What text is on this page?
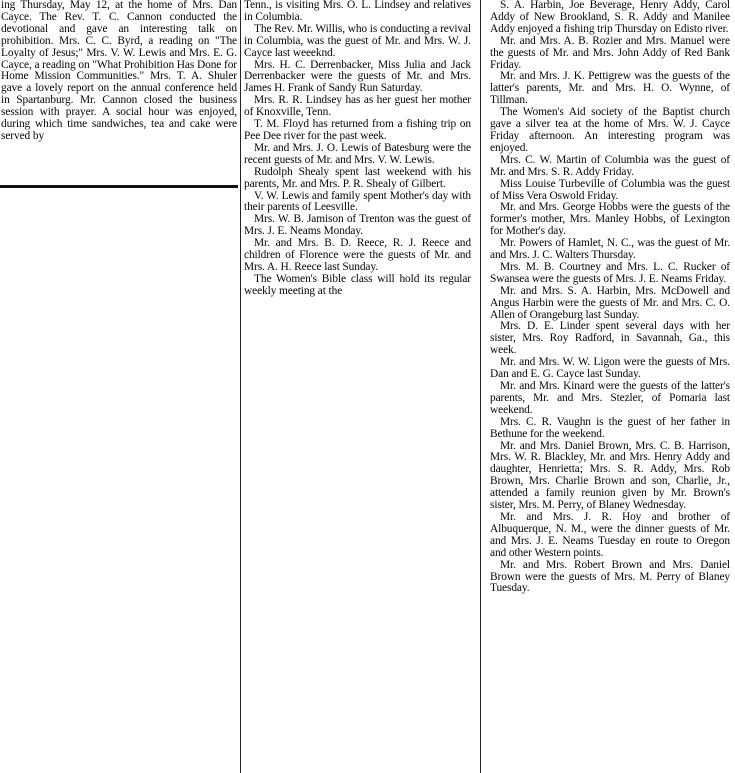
ing Thursday, May 12, at the home of Mrs. Dan Cayce. The Rev. T. C. Cannon conducted the devotional and gave an interesting talk on prohibition. Mrs. C. C. Byrd, a reading on "The Loyalty of Jesus;" Mrs. V. W. Lewis and Mrs. E. G. Cayce, a reading on "What Prohibition Has Done for Home Mission Communities." Mrs. T. A. Shuler gave a lovely report on the annual conference held in Spartanburg. Mr. Cannon closed the business session with prayer. A social hour was enjoyed, during which time sandwiches, tea and cake were served by

Tenn., is visiting Mrs. O. L. Lindsey and relatives in Columbia.

The Rev. Mr. Willis, who is conducting a revival in Columbia, was the guest of Mr. and Mrs. W. J. Cayce last weeeknd.

Mrs. H. C. Derrenbacker, Miss Julia and Jack Derrenbacker were the guests of Mr. and Mrs. James H. Frank of Sandy Run Saturday.

Mrs. R. R. Lindsey has as her guest her mother of Knoxville, Tenn.

T. M. Floyd has returned from a fishing trip on Pee Dee river for the past week.

Mr. and Mrs. J. O. Lewis of Batesburg were the recent guests of Mr. and Mrs. V. W. Lewis.

Rudolph Shealy spent last weekend with his parents, Mr. and Mrs. P. R. Shealy of Gilbert.

V. W. Lewis and family spent Mother's day with their parents of Leesville.

Mrs. W. B. Jamison of Trenton was the guest of Mrs. J. E. Neams Monday.

Mr. and Mrs. B. D. Reece, R. J. Reece and children of Florence were the guests of Mr. and Mrs. A. H. Reece last Sunday.

The Women's Bible class will hold its regular weekly meeting at the

S. A. Harbin, Joe Beverage, Henry Addy, Carol Addy of New Brookland, S. R. Addy and Manilee Addy enjoyed a fishing trip Thursday on Edisto river.

Mr. and Mrs. A. B. Rozier and Mrs. Manuel were the guests of Mr. and Mrs. John Addy of Red Bank Friday.

Mr. and Mrs. J. K. Pettigrew was the guests of the latter's parents, Mr. and Mrs. H. O. Wynne, of Tillman.

The Women's Aid society of the Baptist church gave a silver tea at the home of Mrs. W. J. Cayce Friday afternoon. An interesting program was enjoyed.

Mrs. C. W. Martin of Columbia was the guest of Mr. and Mrs. S. R. Addy Friday.

Miss Louise Turbeville of Columbia was the guest of Miss Vera Oswold Friday.

Mr. and Mrs. George Hobbs were the guests of the former's mother, Mrs. Manley Hobbs, of Lexington for Mother's day.

Mr. Powers of Hamlet, N. C., was the guest of Mr. and Mrs. J. C. Walters Thursday.

Mrs. M. B. Courtney and Mrs. L. C. Rucker of Swansea were the guests of Mrs. J. E. Neams Friday.

Mr. and Mrs. S. A. Harbin, Mrs. McDowell and Angus Harbin were the guests of Mr. and Mrs. C. O. Allen of Orangeburg last Sunday.

Mrs. D. E. Linder spent several days with her sister, Mrs. Roy Radford, in Savannah, Ga., this week.

Mr. and Mrs. W. W. Ligon were the guests of Mrs. Dan and E. G. Cayce last Sunday.

Mr. and Mrs. Kinard were the guests of the latter's parents, Mr. and Mrs. Stezler, of Pomaria last weekend.

Mrs. C. R. Vaughn is the guest of her father in Bethune for the weekend.

Mr. and Mrs. Daniel Brown, Mrs. C. B. Harrison, Mrs. W. R. Blackley, Mr. and Mrs. Henry Addy and daughter, Henrietta; Mrs. S. R. Addy, Mrs. Rob Brown, Mrs. Charlie Brown and son, Charlie, Jr., attended a family reunion given by Mr. Brown's sister, Mrs. M. Perry, of Blaney Wednesday.

Mr. and Mrs. J. R. Hoy and brother of Albuquerque, N. M., were the dinner guests of Mr. and Mrs. J. E. Neams Tuesday en route to Oregon and other Western points.

Mr. and Mrs. Robert Brown and Mrs. Daniel Brown were the guests of Mrs. M. Perry of Blaney Tuesday.
